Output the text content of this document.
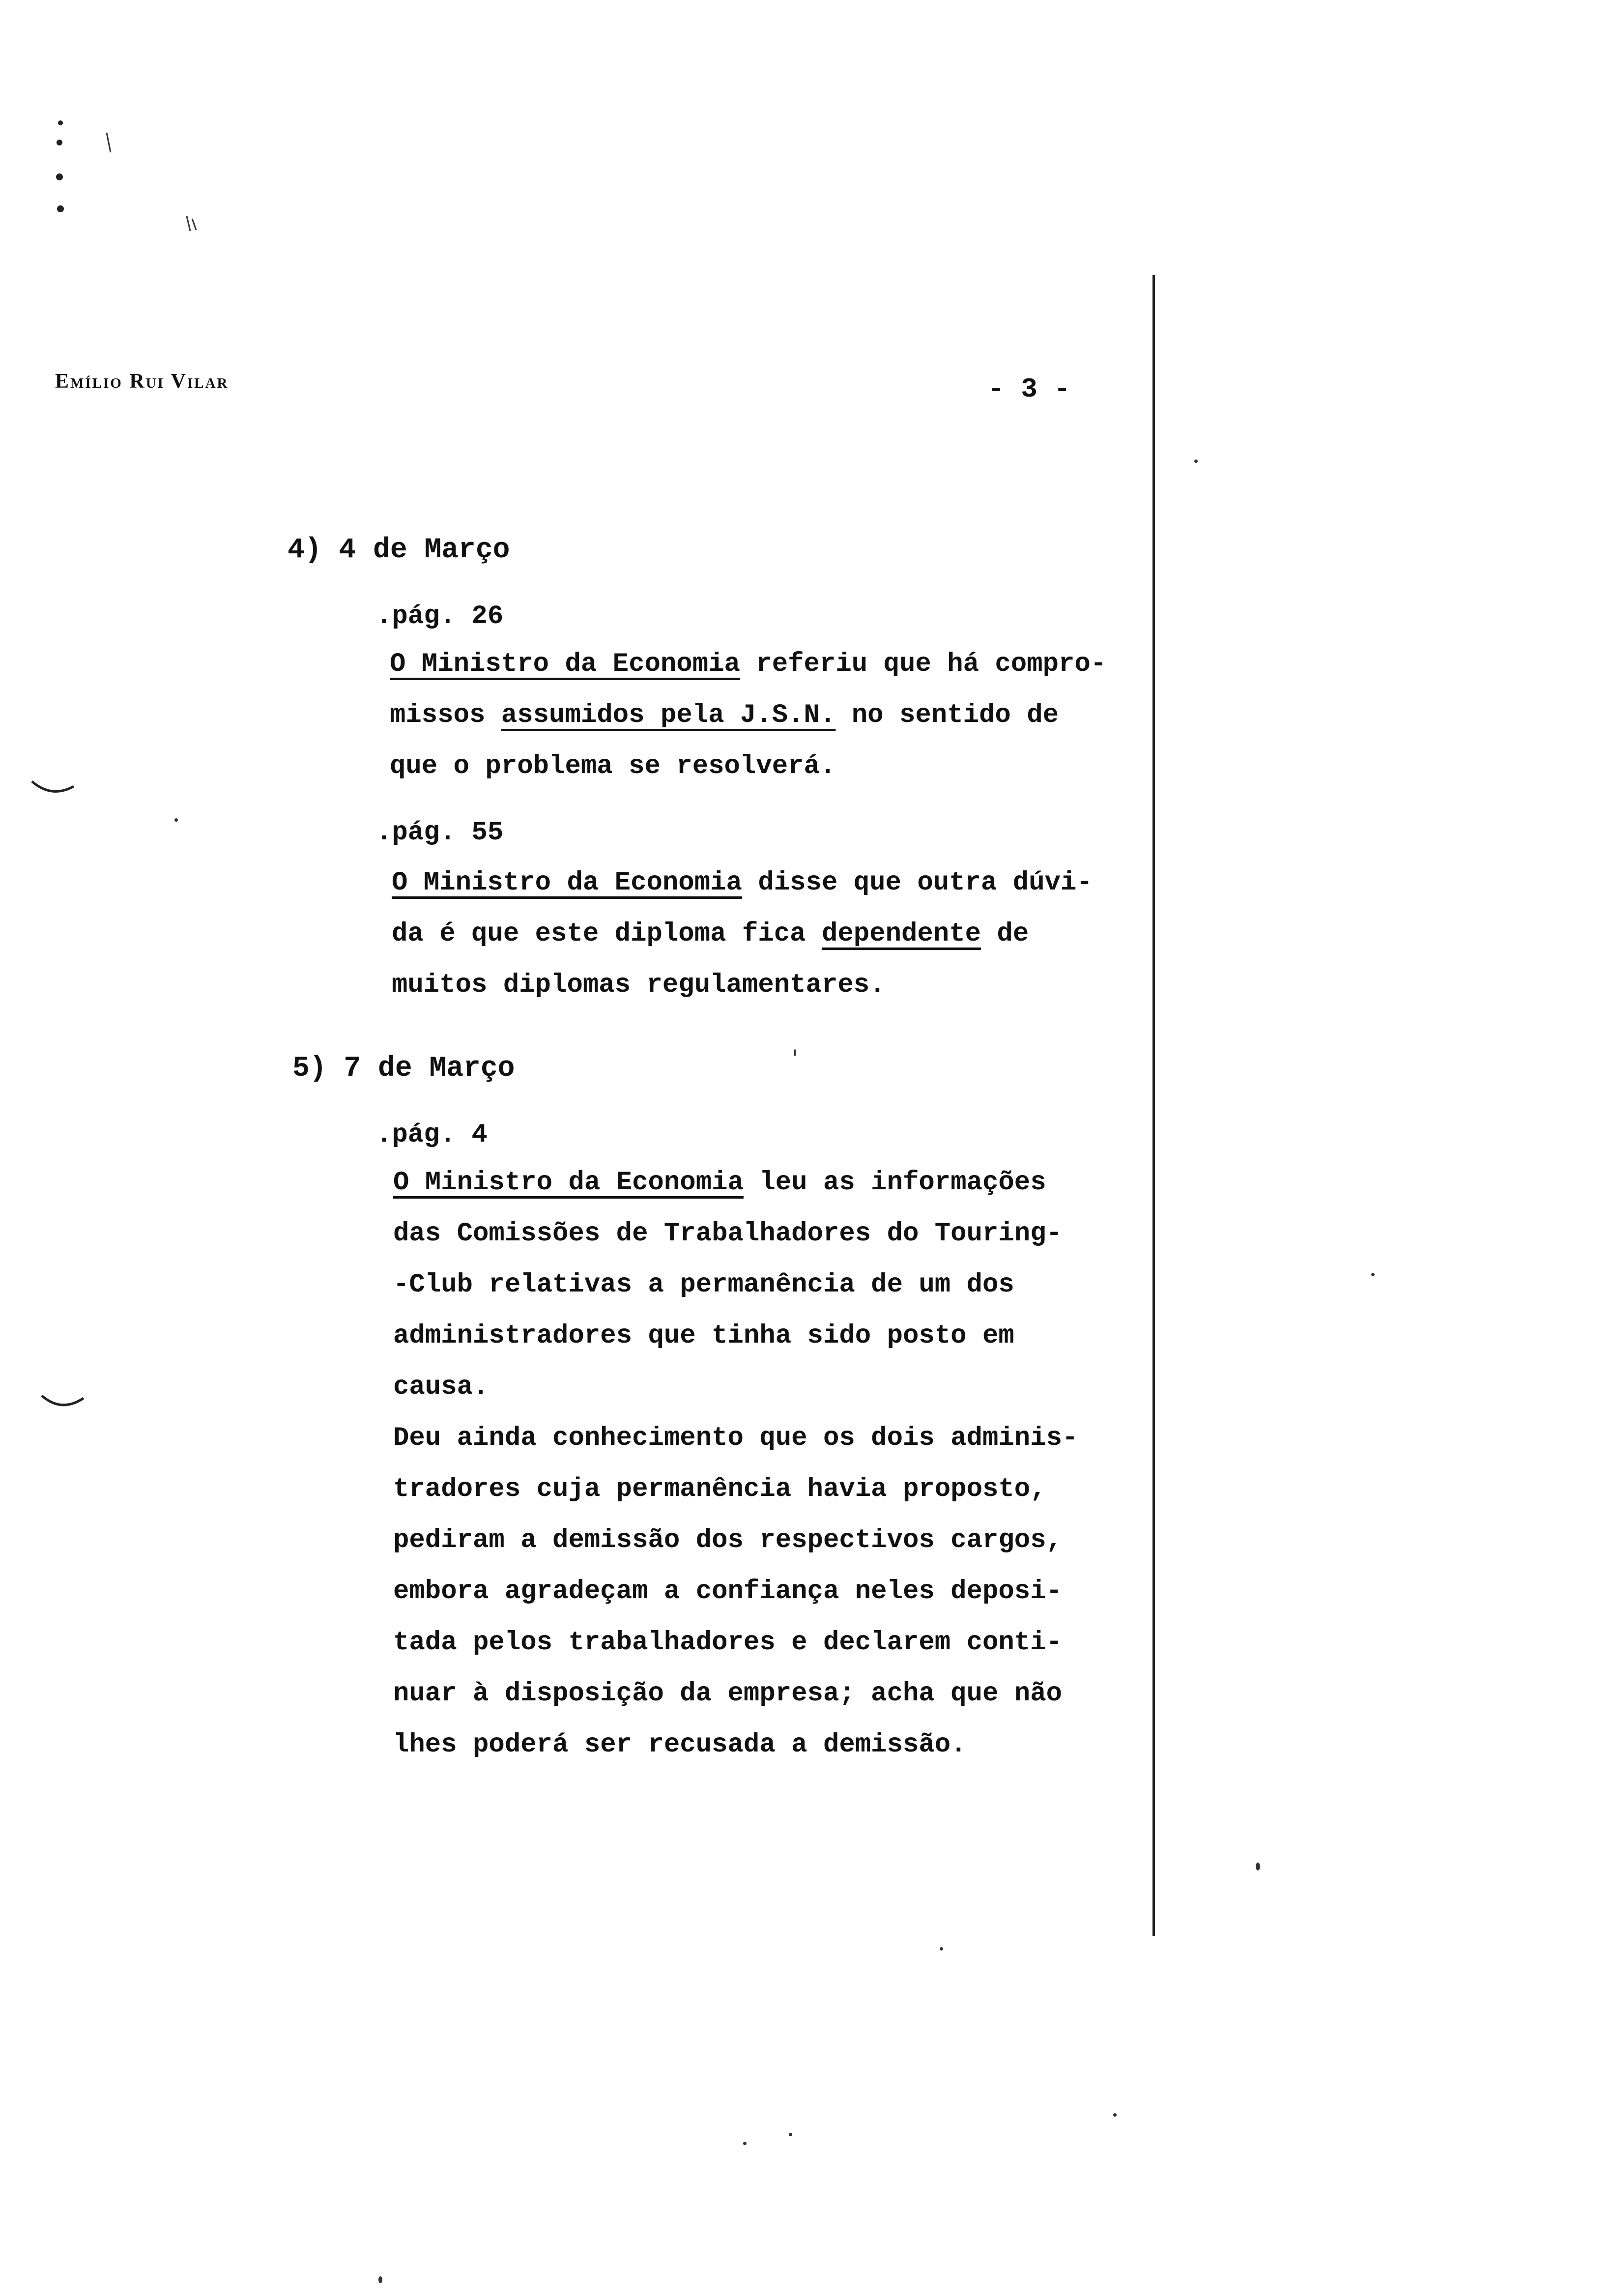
Emílio Rui Vilar	- 3 -
4) 4 de Março
.pág. 26
O Ministro da Economia referiu que há compro-
missos assumidos pela J.S.N. no sentido de
que o problema se resolverá.
.pág. 55
O Ministro da Economia disse que outra dúvi-
da é que este diploma fica dependente de
muitos diplomas regulamentares.
5) 7 de Março
.pág. 4
O Ministro da Economia leu as informações
das Comissões de Trabalhadores do Touring-
-Club relativas a permanência de um dos
administradores que tinha sido posto em
causa.
Deu ainda conhecimento que os dois adminis-
tradores cuja permanência havia proposto,
pediram a demissão dos respectivos cargos,
embora agradeçam a confiança neles deposi-
tada pelos trabalhadores e declarem conti-
nuar à disposição da empresa; acha que não
lhes poderá ser recusada a demissão.
